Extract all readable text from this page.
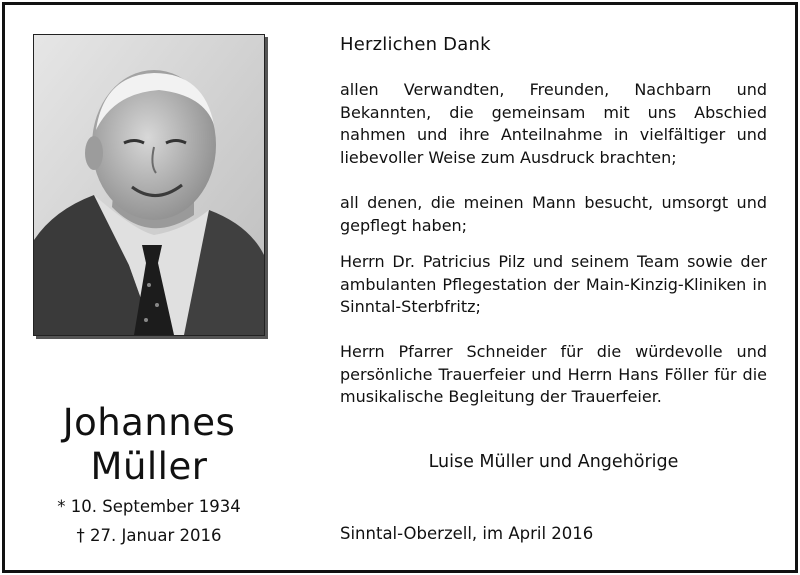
Johannes
Müller
* 10. September 1934
† 27. Januar 2016
Herzlichen Dank
allen Verwandten, Freunden, Nachbarn und Bekannten, die gemeinsam mit uns Abschied nahmen und ihre Anteilnahme in vielfältiger und liebevoller Weise zum Ausdruck brachten;
all denen, die meinen Mann besucht, umsorgt und gepflegt haben;
Herrn Dr. Patricius Pilz und seinem Team sowie der ambulanten Pflegestation der Main-Kinzig-Kliniken in Sinntal-Sterbfritz;
Herrn Pfarrer Schneider für die würdevolle und persönliche Trauerfeier und Herrn Hans Föller für die musikalische Begleitung der Trauerfeier.
Luise Müller und Angehörige
Sinntal-Oberzell, im April 2016
